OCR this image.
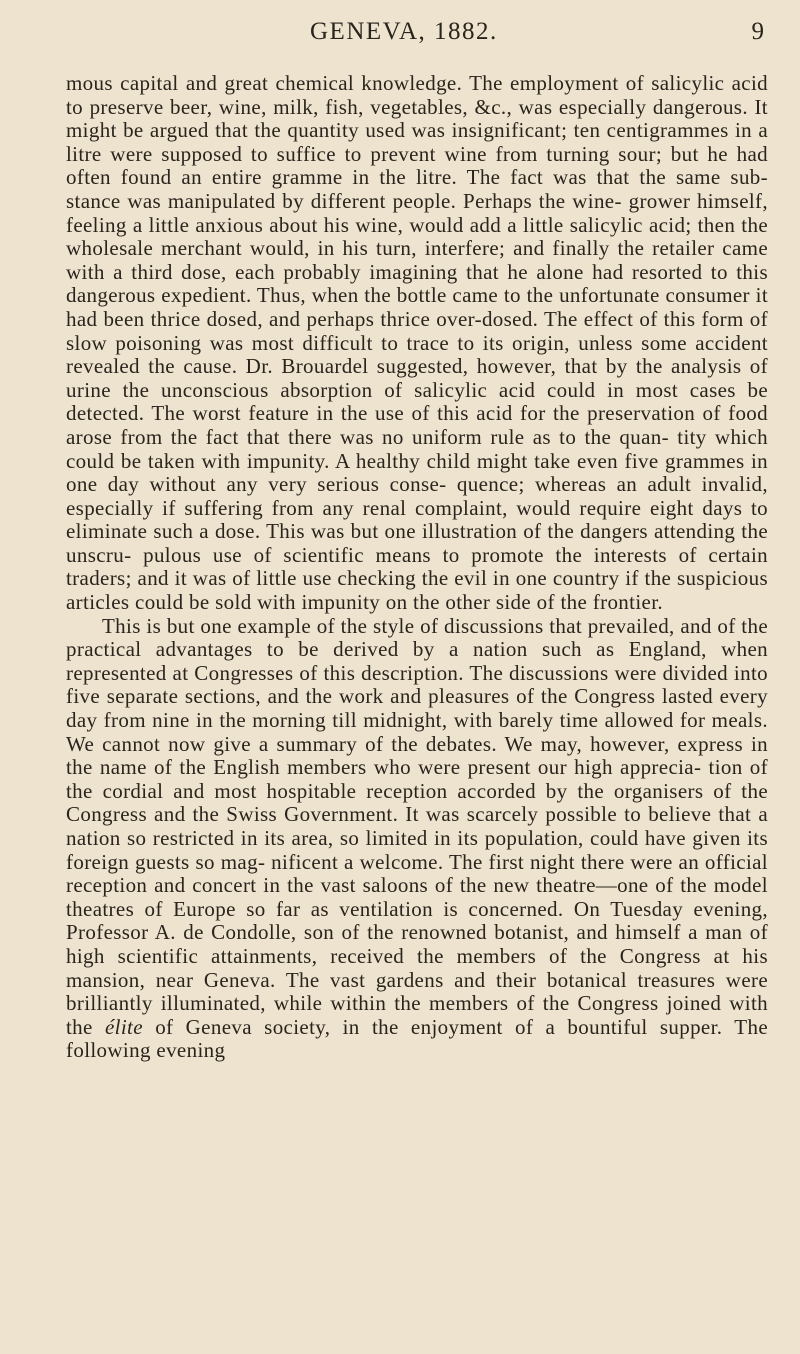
GENEVA, 1882.	9

mous capital and great chemical knowledge. The employment of salicylic acid to preserve beer, wine, milk, fish, vegetables, &c., was especially dangerous. It might be argued that the quantity used was insignificant; ten centigrammes in a litre were supposed to suffice to prevent wine from turning sour; but he had often found an entire gramme in the litre. The fact was that the same sub- stance was manipulated by different people. Perhaps the wine- grower himself, feeling a little anxious about his wine, would add a little salicylic acid; then the wholesale merchant would, in his turn, interfere; and finally the retailer came with a third dose, each probably imagining that he alone had resorted to this dangerous expedient. Thus, when the bottle came to the unfortunate consumer it had been thrice dosed, and perhaps thrice over-dosed. The effect of this form of slow poisoning was most difficult to trace to its origin, unless some accident revealed the cause. Dr. Brouardel suggested, however, that by the analysis of urine the unconscious absorption of salicylic acid could in most cases be detected. The worst feature in the use of this acid for the preservation of food arose from the fact that there was no uniform rule as to the quan- tity which could be taken with impunity. A healthy child might take even five grammes in one day without any very serious conse- quence; whereas an adult invalid, especially if suffering from any renal complaint, would require eight days to eliminate such a dose. This was but one illustration of the dangers attending the unscru- pulous use of scientific means to promote the interests of certain traders; and it was of little use checking the evil in one country if the suspicious articles could be sold with impunity on the other side of the frontier.

This is but one example of the style of discussions that prevailed, and of the practical advantages to be derived by a nation such as England, when represented at Congresses of this description. The discussions were divided into five separate sections, and the work and pleasures of the Congress lasted every day from nine in the morning till midnight, with barely time allowed for meals. We cannot now give a summary of the debates. We may, however, express in the name of the English members who were present our high apprecia- tion of the cordial and most hospitable reception accorded by the organisers of the Congress and the Swiss Government. It was scarcely possible to believe that a nation so restricted in its area, so limited in its population, could have given its foreign guests so mag- nificent a welcome. The first night there were an official reception and concert in the vast saloons of the new theatre—one of the model theatres of Europe so far as ventilation is concerned. On Tuesday evening, Professor A. de Condolle, son of the renowned botanist, and himself a man of high scientific attainments, received the members of the Congress at his mansion, near Geneva. The vast gardens and their botanical treasures were brilliantly illuminated, while within the members of the Congress joined with the élite of Geneva society, in the enjoyment of a bountiful supper. The following evening
